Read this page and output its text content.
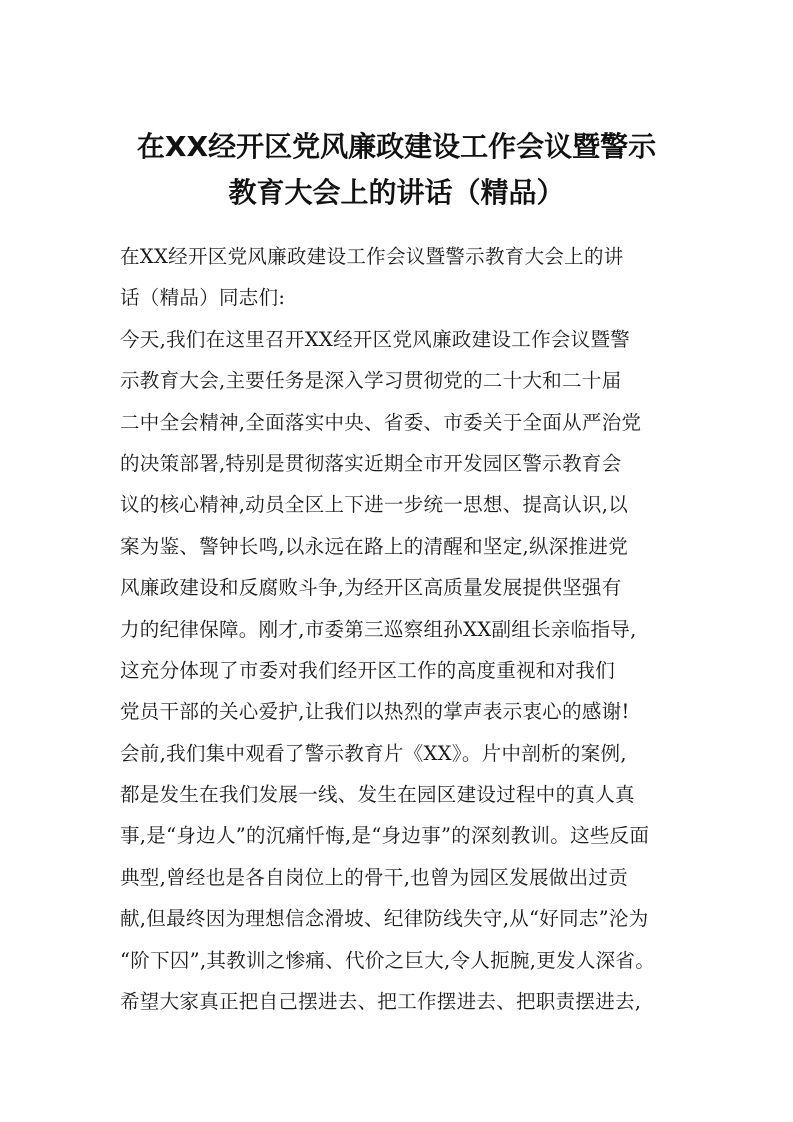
在XX经开区党风廉政建设工作会议暨警示
教育大会上的讲话（精品）
在XX经开区党风廉政建设工作会议暨警示教育大会上的讲
话（精品）同志们:
今天,我们在这里召开XX经开区党风廉政建设工作会议暨警
示教育大会,主要任务是深入学习贯彻党的二十大和二十届
二中全会精神,全面落实中央、省委、市委关于全面从严治党
的决策部署,特别是贯彻落实近期全市开发园区警示教育会
议的核心精神,动员全区上下进一步统一思想、提高认识,以
案为鉴、警钟长鸣,以永远在路上的清醒和坚定,纵深推进党
风廉政建设和反腐败斗争,为经开区高质量发展提供坚强有
力的纪律保障。刚才,市委第三巡察组孙XX副组长亲临指导,
这充分体现了市委对我们经开区工作的高度重视和对我们
党员干部的关心爱护,让我们以热烈的掌声表示衷心的感谢!
会前,我们集中观看了警示教育片《XX》。片中剖析的案例,
都是发生在我们发展一线、发生在园区建设过程中的真人真
事,是“身边人”的沉痛忏悔,是“身边事”的深刻教训。这些反面
典型,曾经也是各自岗位上的骨干,也曾为园区发展做出过贡
献,但最终因为理想信念滑坡、纪律防线失守,从“好同志”沦为
“阶下囚”,其教训之惨痛、代价之巨大,令人扼腕,更发人深省。
希望大家真正把自己摆进去、把工作摆进去、把职责摆进去,
